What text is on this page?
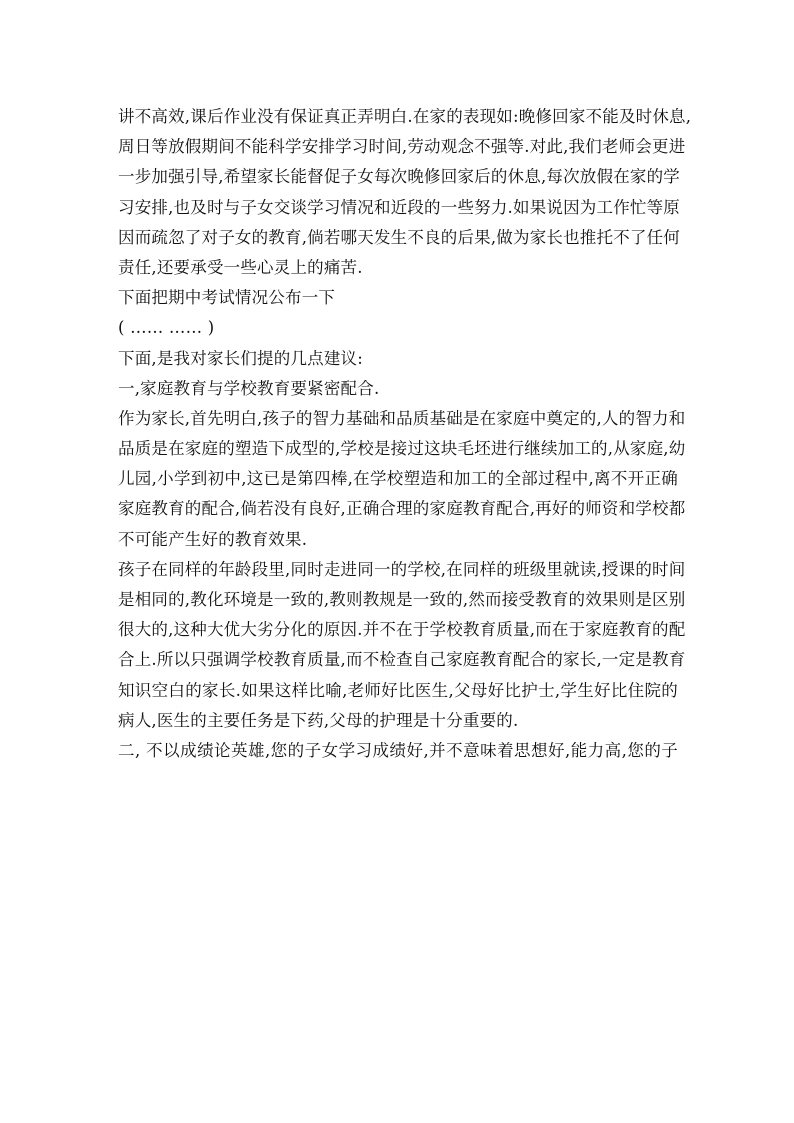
讲不高效,课后作业没有保证真正弄明白.在家的表现如:晚修回家不能及时休息,
周日等放假期间不能科学安排学习时间,劳动观念不强等.对此,我们老师会更进
一步加强引导,希望家长能督促子女每次晚修回家后的休息,每次放假在家的学
习安排,也及时与子女交谈学习情况和近段的一些努力.如果说因为工作忙等原
因而疏忽了对子女的教育,倘若哪天发生不良的后果,做为家长也推托不了任何
责任,还要承受一些心灵上的痛苦.
下面把期中考试情况公布一下
( …… …… )
下面,是我对家长们提的几点建议:
一,家庭教育与学校教育要紧密配合.
作为家长,首先明白,孩子的智力基础和品质基础是在家庭中奠定的,人的智力和
品质是在家庭的塑造下成型的,学校是接过这块毛坯进行继续加工的,从家庭,幼
儿园,小学到初中,这已是第四棒,在学校塑造和加工的全部过程中,离不开正确
家庭教育的配合,倘若没有良好,正确合理的家庭教育配合,再好的师资和学校都
不可能产生好的教育效果.
孩子在同样的年龄段里,同时走进同一的学校,在同样的班级里就读,授课的时间
是相同的,教化环境是一致的,教则教规是一致的,然而接受教育的效果则是区别
很大的,这种大优大劣分化的原因.并不在于学校教育质量,而在于家庭教育的配
合上.所以只强调学校教育质量,而不检查自己家庭教育配合的家长,一定是教育
知识空白的家长.如果这样比喻,老师好比医生,父母好比护士,学生好比住院的
病人,医生的主要任务是下药,父母的护理是十分重要的.
二, 不以成绩论英雄,您的子女学习成绩好,并不意味着思想好,能力高,您的子
